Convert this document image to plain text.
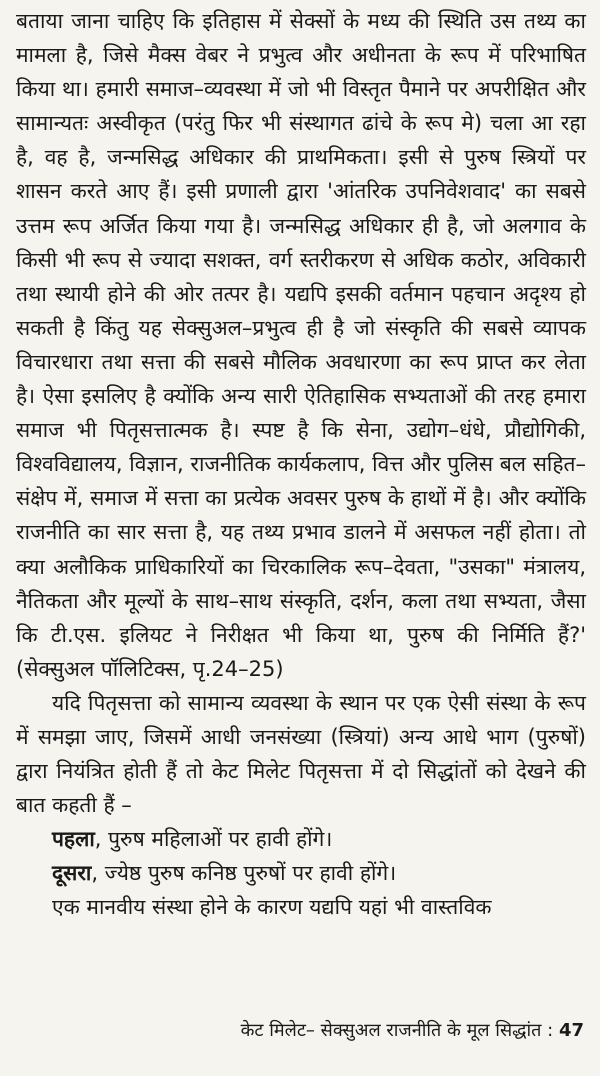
बताया जाना चाहिए कि इतिहास में सेक्सों के मध्य की स्थिति उस तथ्य का मामला है, जिसे मैक्स वेबर ने प्रभुत्व और अधीनता के रूप में परिभाषित किया था। हमारी समाज–व्यवस्था में जो भी विस्तृत पैमाने पर अपरीक्षित और सामान्यतः अस्वीकृत (परंतु फिर भी संस्थागत ढांचे के रूप मे) चला आ रहा है, वह है, जन्मसिद्ध अधिकार की प्राथमिकता। इसी से पुरुष स्त्रियों पर शासन करते आए हैं। इसी प्रणाली द्वारा 'आंतरिक उपनिवेशवाद' का सबसे उत्तम रूप अर्जित किया गया है। जन्मसिद्ध अधिकार ही है, जो अलगाव के किसी भी रूप से ज्यादा सशक्त, वर्ग स्तरीकरण से अधिक कठोर, अविकारी तथा स्थायी होने की ओर तत्पर है। यद्यपि इसकी वर्तमान पहचान अदृश्य हो सकती है किंतु यह सेक्सुअल–प्रभुत्व ही है जो संस्कृति की सबसे व्यापक विचारधारा तथा सत्ता की सबसे मौलिक अवधारणा का रूप प्राप्त कर लेता है। ऐसा इसलिए है क्योंकि अन्य सारी ऐतिहासिक सभ्यताओं की तरह हमारा समाज भी पितृसत्तात्मक है। स्पष्ट है कि सेना, उद्योग–धंधे, प्रौद्योगिकी, विश्वविद्यालय, विज्ञान, राजनीतिक कार्यकलाप, वित्त और पुलिस बल सहित–संक्षेप में, समाज में सत्ता का प्रत्येक अवसर पुरुष के हाथों में है। और क्योंकि राजनीति का सार सत्ता है, यह तथ्य प्रभाव डालने में असफल नहीं होता। तो क्या अलौकिक प्राधिकारियों का चिरकालिक रूप–देवता, "उसका" मंत्रालय, नैतिकता और मूल्यों के साथ–साथ संस्कृति, दर्शन, कला तथा सभ्यता, जैसा कि टी.एस. इलियट ने निरीक्षत भी किया था, पुरुष की निर्मिति हैं?' (सेक्सुअल पॉलिटिक्स, पृ.24–25)

यदि पितृसत्ता को सामान्य व्यवस्था के स्थान पर एक ऐसी संस्था के रूप में समझा जाए, जिसमें आधी जनसंख्या (स्त्रियां) अन्य आधे भाग (पुरुषों) द्वारा नियंत्रित होती हैं तो केट मिलेट पितृसत्ता में दो सिद्धांतों को देखने की बात कहती हैं –

पहला, पुरुष महिलाओं पर हावी होंगे।

दूसरा, ज्येष्ठ पुरुष कनिष्ठ पुरुषों पर हावी होंगे।

एक मानवीय संस्था होने के कारण यद्यपि यहां भी वास्तविक

केट मिलेट– सेक्सुअल राजनीति के मूल सिद्धांत : 47
